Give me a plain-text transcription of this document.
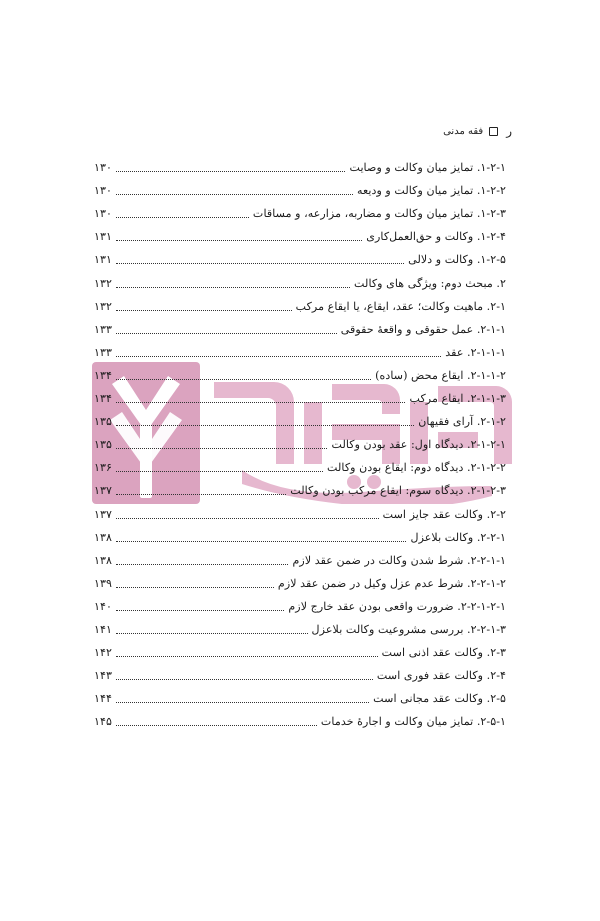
ر
فقه مدنی
۱-۲-۱. تمایز میان وکالت و وصایت
۱۳۰
۱-۲-۲. تمایز میان وکالت و ودیعه
۱۳۰
۱-۲-۳. تمایز میان وکالت و مضاربه، مزارعه، و مساقات
۱۳۰
۱-۲-۴. وکالت و حق‌العمل‌کاری
۱۳۱
۱-۲-۵. وکالت و دلالی
۱۳۱
۲. مبحث دوم: ویژگی های وکالت
۱۳۲
۲-۱. ماهیت وکالت؛ عقد، ایقاع، یا ایقاع مرکب
۱۳۲
۲-۱-۱. عمل حقوقی و واقعهٔ حقوقی
۱۳۳
۲-۱-۱-۱. عقد
۱۳۳
۲-۱-۱-۲. ایقاع محض (ساده)
۱۳۴
۲-۱-۱-۳. ایقاع مرکب
۱۳۴
۲-۱-۲. آرای فقیهان
۱۳۵
۲-۱-۲-۱. دیدگاه اول: عقد بودن وکالت
۱۳۵
۲-۱-۲-۲. دیدگاه دوم: ایقاع بودن وکالت
۱۳۶
۲-۱-۲-۳. دیدگاه سوم: ایقاع مرکب بودن وکالت
۱۳۷
۲-۲. وکالت عقد جایز است
۱۳۷
۲-۲-۱. وکالت بلاعزل
۱۳۸
۲-۲-۱-۱. شرط شدن وکالت در ضمن عقد لازم
۱۳۸
۲-۲-۱-۲. شرط عدم عزل وکیل در ضمن عقد لازم
۱۳۹
۲-۲-۱-۲-۱. ضرورت واقعی بودن عقد خارج لازم
۱۴۰
۲-۲-۱-۳. بررسی مشروعیت وکالت بلاعزل
۱۴۱
۲-۳. وکالت عقد اذنی است
۱۴۲
۲-۴. وکالت عقد فوری است
۱۴۳
۲-۵. وکالت عقد مجانی است
۱۴۴
۲-۵-۱. تمایز میان وکالت و اجارهٔ خدمات
۱۴۵
